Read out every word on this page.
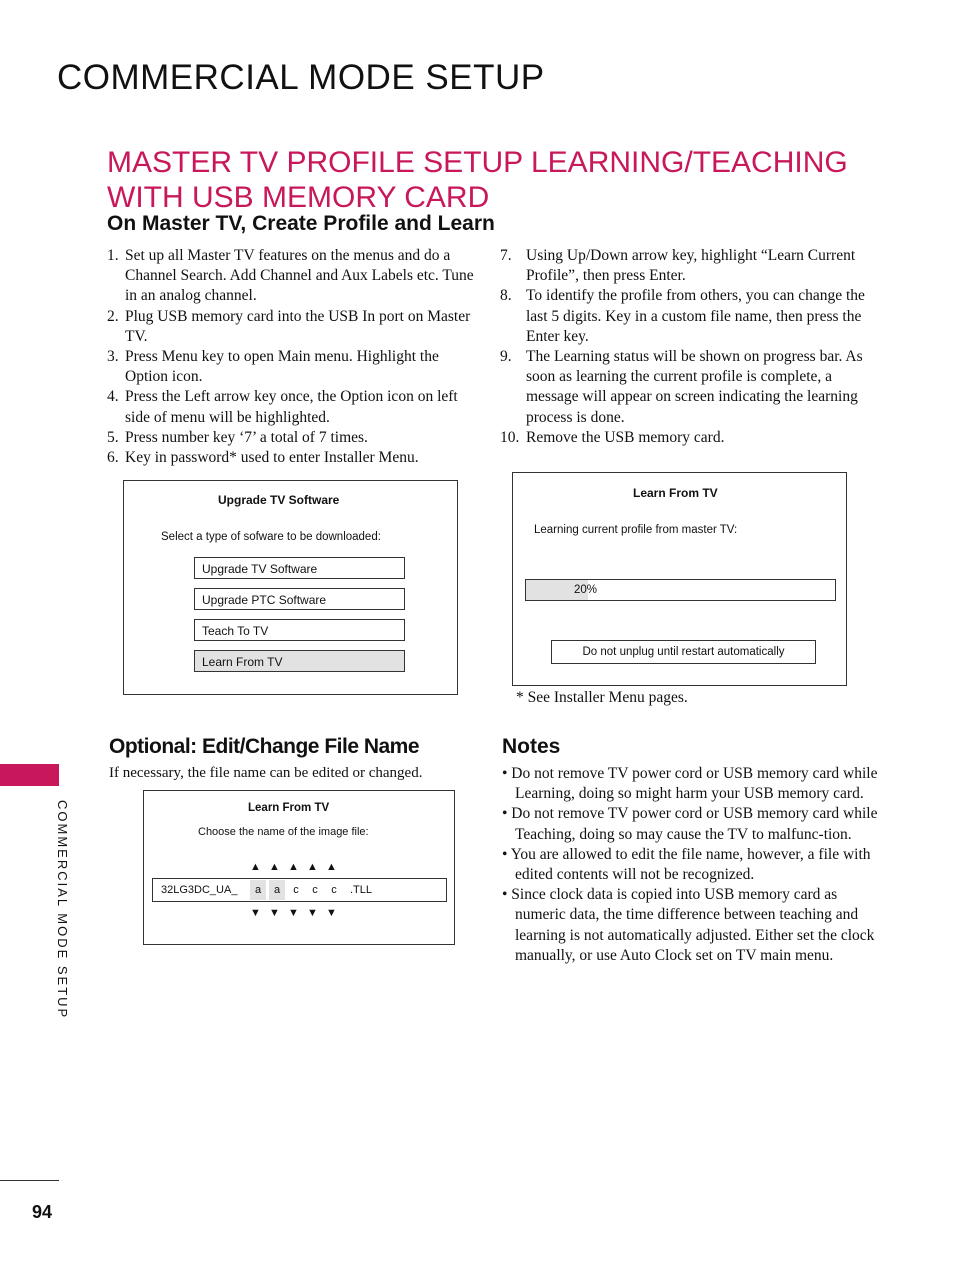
COMMERCIAL MODE SETUP
MASTER TV PROFILE SETUP LEARNING/TEACHING WITH USB MEMORY CARD
On Master TV, Create Profile and Learn
1. Set up all Master TV features on the menus and do a Channel Search. Add Channel and Aux Labels etc. Tune in an analog channel.
2. Plug USB memory card into the USB In port on Master TV.
3. Press Menu key to open Main menu. Highlight the Option icon.
4. Press the Left arrow key once, the Option icon on left side of menu will be highlighted.
5. Press number key ‘7’ a total of 7 times.
6. Key in password* used to enter Installer Menu.
7. Using Up/Down arrow key, highlight “Learn Current Profile”, then press Enter.
8. To identify the profile from others, you can change the last 5 digits. Key in a custom file name, then press the Enter key.
9. The Learning status will be shown on progress bar. As soon as learning the current profile is complete, a message will appear on screen indicating the learning process is done.
10. Remove the USB memory card.
Upgrade TV Software
Select a type of sofware to be downloaded:
Upgrade TV Software
Upgrade PTC Software
Teach To TV
Learn From TV
Learn From TV
Learning current profile from master TV:
20%
Do not unplug until restart automatically
* See Installer Menu pages.
Optional: Edit/Change File Name
If necessary, the file name can be edited or changed.
Learn From TV
Choose the name of the image file:
▲ ▲ ▲ ▲ ▲
32LG3DC_UA_	a	a	c	c	c	.TLL
▼ ▼ ▼ ▼ ▼
Notes
• Do not remove TV power cord or USB memory card while Learning, doing so might harm your USB memory card.
• Do not remove TV power cord or USB memory card while Teaching, doing so may cause the TV to malfunc-tion.
• You are allowed to edit the file name, however, a file with edited contents will not be recognized.
• Since clock data is copied into USB memory card as numeric data, the time difference between teaching and learning is not automatically adjusted. Either set the clock manually, or use Auto Clock set on TV main menu.
COMMERCIAL MODE SETUP
94
